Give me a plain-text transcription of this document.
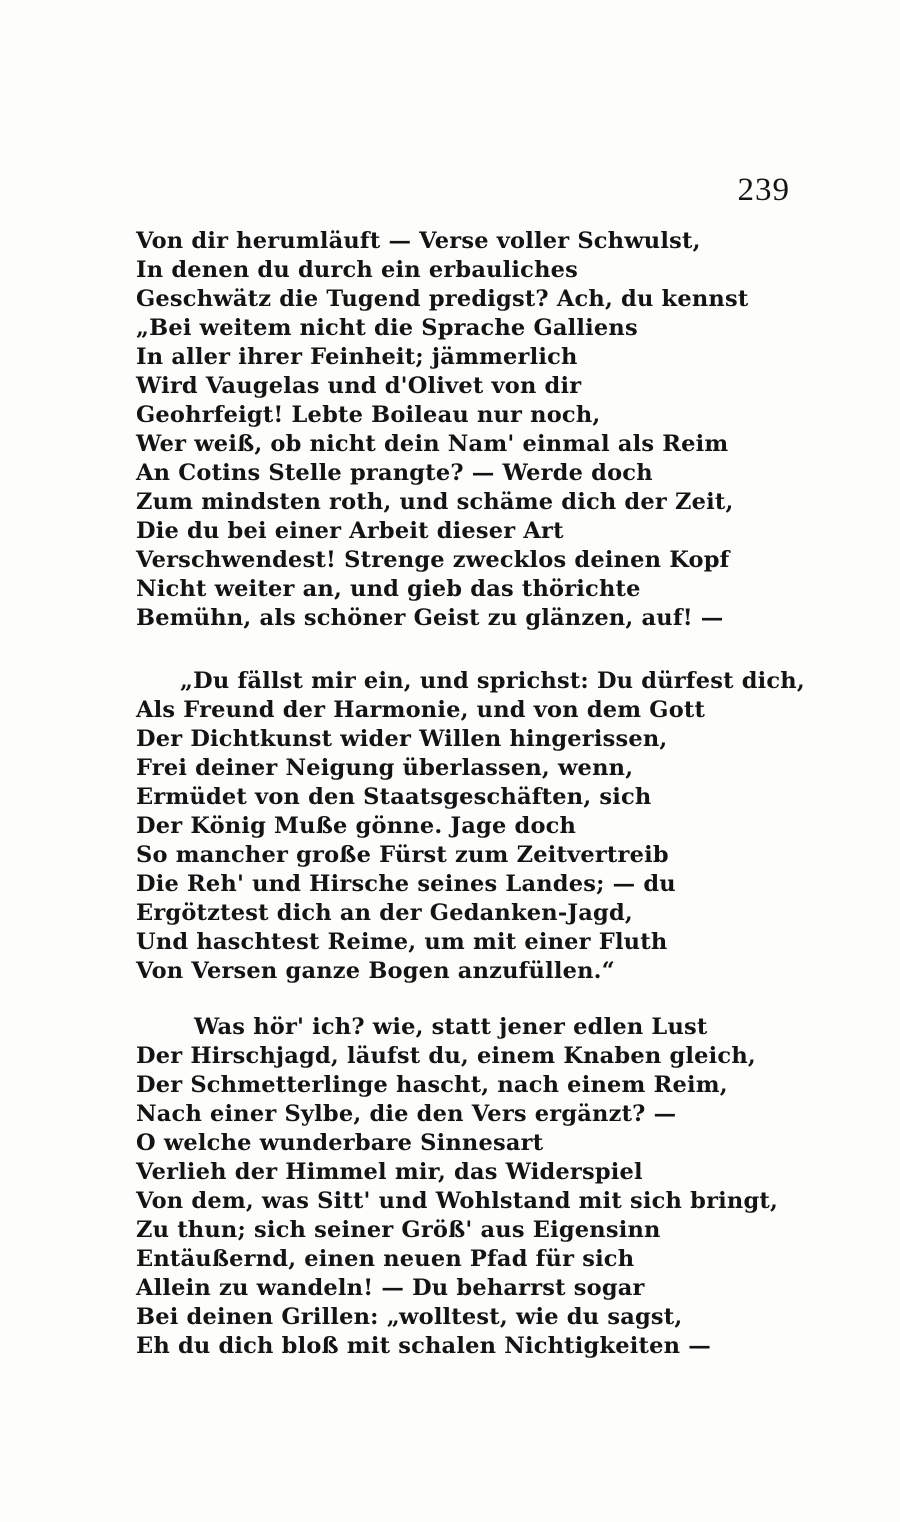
239
Von dir herumläuft — Verse voller Schwulst,
In denen du durch ein erbauliches
Geschwätz die Tugend predigst? Ach, du kennst
„Bei weitem nicht die Sprache Galliens
In aller ihrer Feinheit; jämmerlich
Wird Vaugelas und d'Olivet von dir
Geohrfeigt! Lebte Boileau nur noch,
Wer weiß, ob nicht dein Nam' einmal als Reim
An Cotins Stelle prangte? — Werde doch
Zum mindsten roth, und schäme dich der Zeit,
Die du bei einer Arbeit dieser Art
Verschwendest! Strenge zwecklos deinen Kopf
Nicht weiter an, und gieb das thörichte
Bemühn, als schöner Geist zu glänzen, auf! —
„Du fällst mir ein, und sprichst: Du dürfest dich,
Als Freund der Harmonie, und von dem Gott
Der Dichtkunst wider Willen hingerissen,
Frei deiner Neigung überlassen, wenn,
Ermüdet von den Staatsgeschäften, sich
Der König Muße gönne. Jage doch
So mancher große Fürst zum Zeitvertreib
Die Reh' und Hirsche seines Landes; — du
Ergötztest dich an der Gedanken-Jagd,
Und haschtest Reime, um mit einer Fluth
Von Versen ganze Bogen anzufüllen.“
Was hör' ich? wie, statt jener edlen Lust
Der Hirschjagd, läufst du, einem Knaben gleich,
Der Schmetterlinge hascht, nach einem Reim,
Nach einer Sylbe, die den Vers ergänzt? —
O welche wunderbare Sinnesart
Verlieh der Himmel mir, das Widerspiel
Von dem, was Sitt' und Wohlstand mit sich bringt,
Zu thun; sich seiner Größ' aus Eigensinn
Entäußernd, einen neuen Pfad für sich
Allein zu wandeln! — Du beharrst sogar
Bei deinen Grillen: „wolltest, wie du sagst,
Eh du dich bloß mit schalen Nichtigkeiten —
